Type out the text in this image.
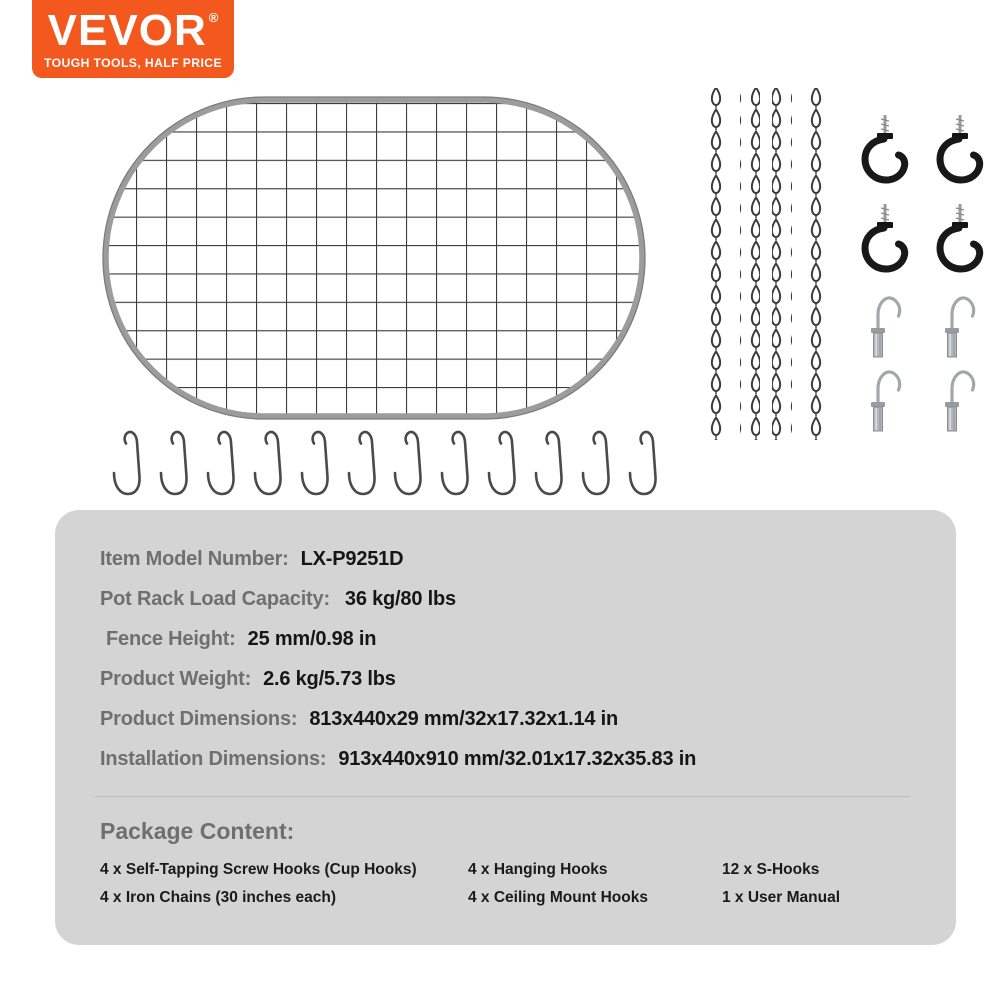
VEVOR ®
TOUGH TOOLS, HALF PRICE
Item Model Number: LX-P9251D
Pot Rack Load Capacity: 36 kg/80 lbs
Fence Height: 25 mm/0.98 in
Product Weight: 2.6 kg/5.73 lbs
Product Dimensions: 813x440x29 mm/32x17.32x1.14 in
Installation Dimensions: 913x440x910 mm/32.01x17.32x35.83 in
Package Content:
4 x Self-Tapping Screw Hooks (Cup Hooks)	4 x Hanging Hooks	12 x S-Hooks
4 x Iron Chains (30 inches each)	4 x Ceiling Mount Hooks	1 x User Manual
